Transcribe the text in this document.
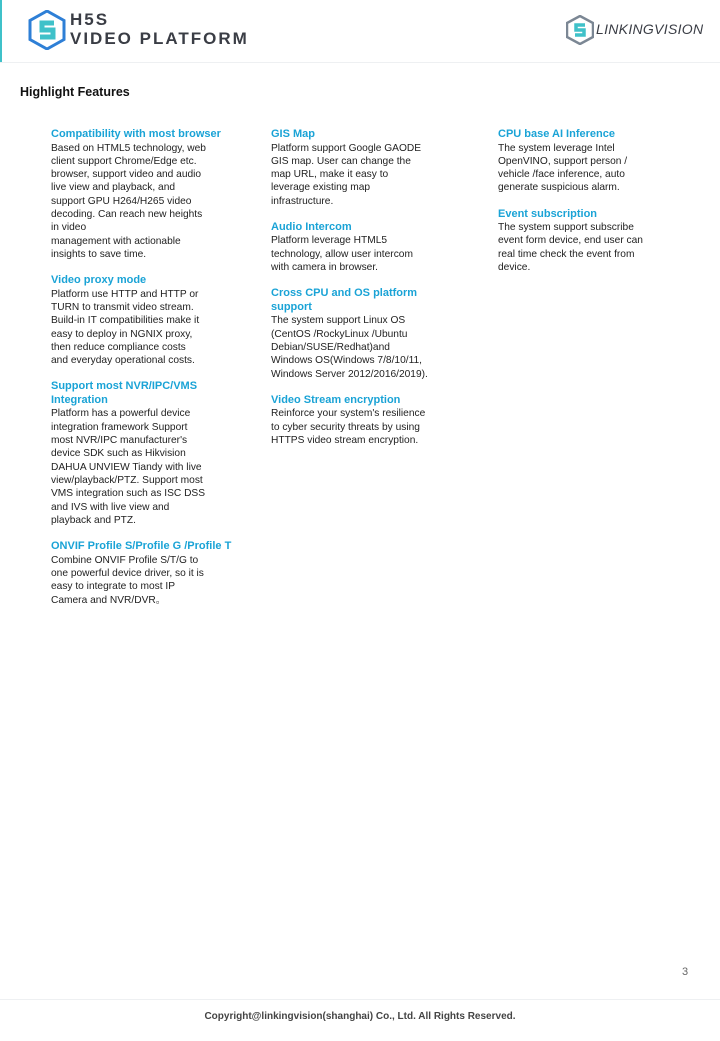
H5S
VIDEO PLATFORM	LINKINGVISION
Highlight Features
Compatibility with most browser
Based on HTML5 technology, web
client support Chrome/Edge etc.
browser, support video and audio
live view and playback, and
support GPU H264/H265 video
decoding. Can reach new heights
in video
management with actionable
insights to save time.
Video proxy mode
Platform use HTTP and HTTP or
TURN to transmit video stream.
Build-in IT compatibilities make it
easy to deploy in NGNIX proxy,
then reduce compliance costs
and everyday operational costs.
Support most NVR/IPC/VMS Integration
Platform has a powerful device
integration framework Support
most NVR/IPC manufacturer's
device SDK such as Hikvision
DAHUA UNVIEW Tiandy with live
view/playback/PTZ. Support most
VMS integration such as ISC DSS
and IVS with live view and
playback and PTZ.
ONVIF Profile S/Profile G /Profile T
Combine ONVIF Profile S/T/G to
one powerful device driver, so it is
easy to integrate to most IP
Camera and NVR/DVR。
GIS Map
Platform support Google GAODE
GIS map. User can change the
map URL, make it easy to
leverage existing map
infrastructure.
Audio Intercom
Platform leverage HTML5
technology, allow user intercom
with camera in browser.
Cross CPU and OS platform support
The system support Linux OS
(CentOS /RockyLinux /Ubuntu
Debian/SUSE/Redhat)and
Windows OS(Windows 7/8/10/11,
Windows Server 2012/2016/2019).
Video Stream encryption
Reinforce your system's resilience
to cyber security threats by using
HTTPS video stream encryption.
CPU base AI Inference
The system leverage Intel
OpenVINO, support person /
vehicle /face inference, auto
generate suspicious alarm.
Event subscription
The system support subscribe
event form device, end user can
real time check the event from
device.
3
Copyright@linkingvision(shanghai) Co., Ltd. All Rights Reserved.
